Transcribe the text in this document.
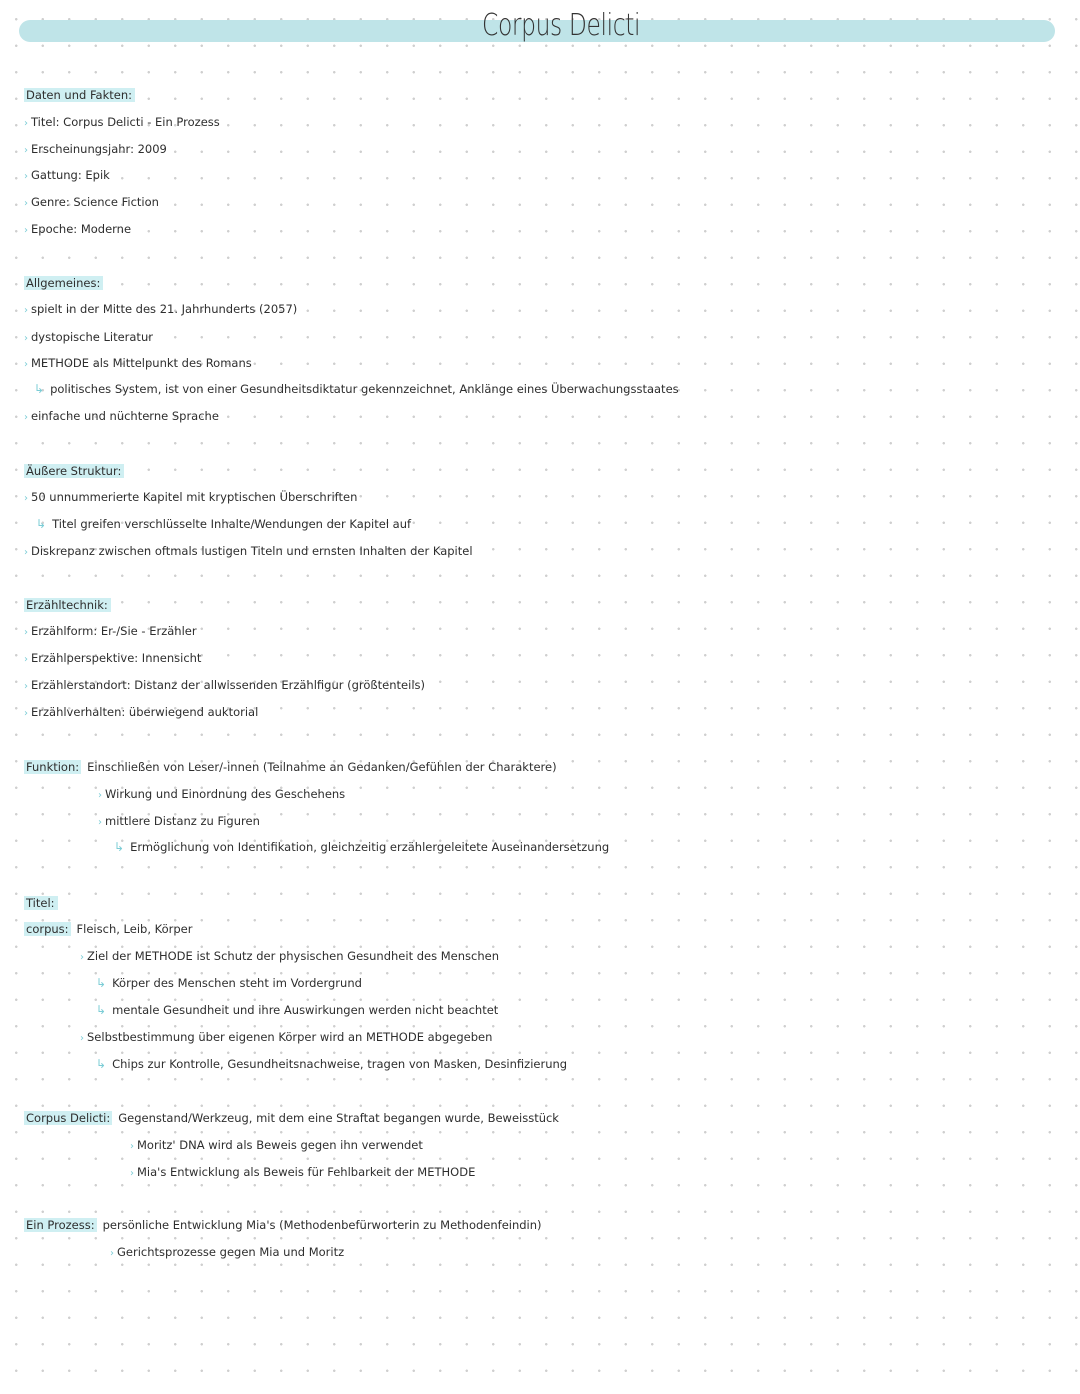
Corpus Delicti
Daten und Fakten:
› Titel: Corpus Delicti - Ein Prozess
› Erscheinungsjahr: 2009
› Gattung: Epik
› Genre: Science Fiction
› Epoche: Moderne
Allgemeines:
› spielt in der Mitte des 21. Jahrhunderts (2057)
› dystopische Literatur
› METHODE als Mittelpunkt des Romans
↳ politisches System, ist von einer Gesundheitsdiktatur gekennzeichnet, Anklänge eines Überwachungsstaates
› einfache und nüchterne Sprache
Äußere Struktur:
› 50 unnummerierte Kapitel mit kryptischen Überschriften
↳ Titel greifen verschlüsselte Inhalte/Wendungen der Kapitel auf
› Diskrepanz zwischen oftmals lustigen Titeln und ernsten Inhalten der Kapitel
Erzähltechnik:
› Erzählform: Er-/Sie - Erzähler
› Erzählperspektive: Innensicht
› Erzählerstandort: Distanz der allwissenden Erzählfigur (größtenteils)
› Erzählverhalten: überwiegend auktorial
Funktion: Einschließen von Leser/-innen (Teilnahme an Gedanken/Gefühlen der Charaktere)
› Wirkung und Einordnung des Geschehens
› mittlere Distanz zu Figuren
↳ Ermöglichung von Identifikation, gleichzeitig erzählergeleitete Auseinandersetzung
Titel:
corpus: Fleisch, Leib, Körper
› Ziel der METHODE ist Schutz der physischen Gesundheit des Menschen
↳ Körper des Menschen steht im Vordergrund
↳ mentale Gesundheit und ihre Auswirkungen werden nicht beachtet
› Selbstbestimmung über eigenen Körper wird an METHODE abgegeben
↳ Chips zur Kontrolle, Gesundheitsnachweise, tragen von Masken, Desinfizierung
Corpus Delicti: Gegenstand/Werkzeug, mit dem eine Straftat begangen wurde, Beweisstück
› Moritz' DNA wird als Beweis gegen ihn verwendet
› Mia's Entwicklung als Beweis für Fehlbarkeit der METHODE
Ein Prozess: persönliche Entwicklung Mia's (Methodenbefürworterin zu Methodenfeindin)
› Gerichtsprozesse gegen Mia und Moritz
